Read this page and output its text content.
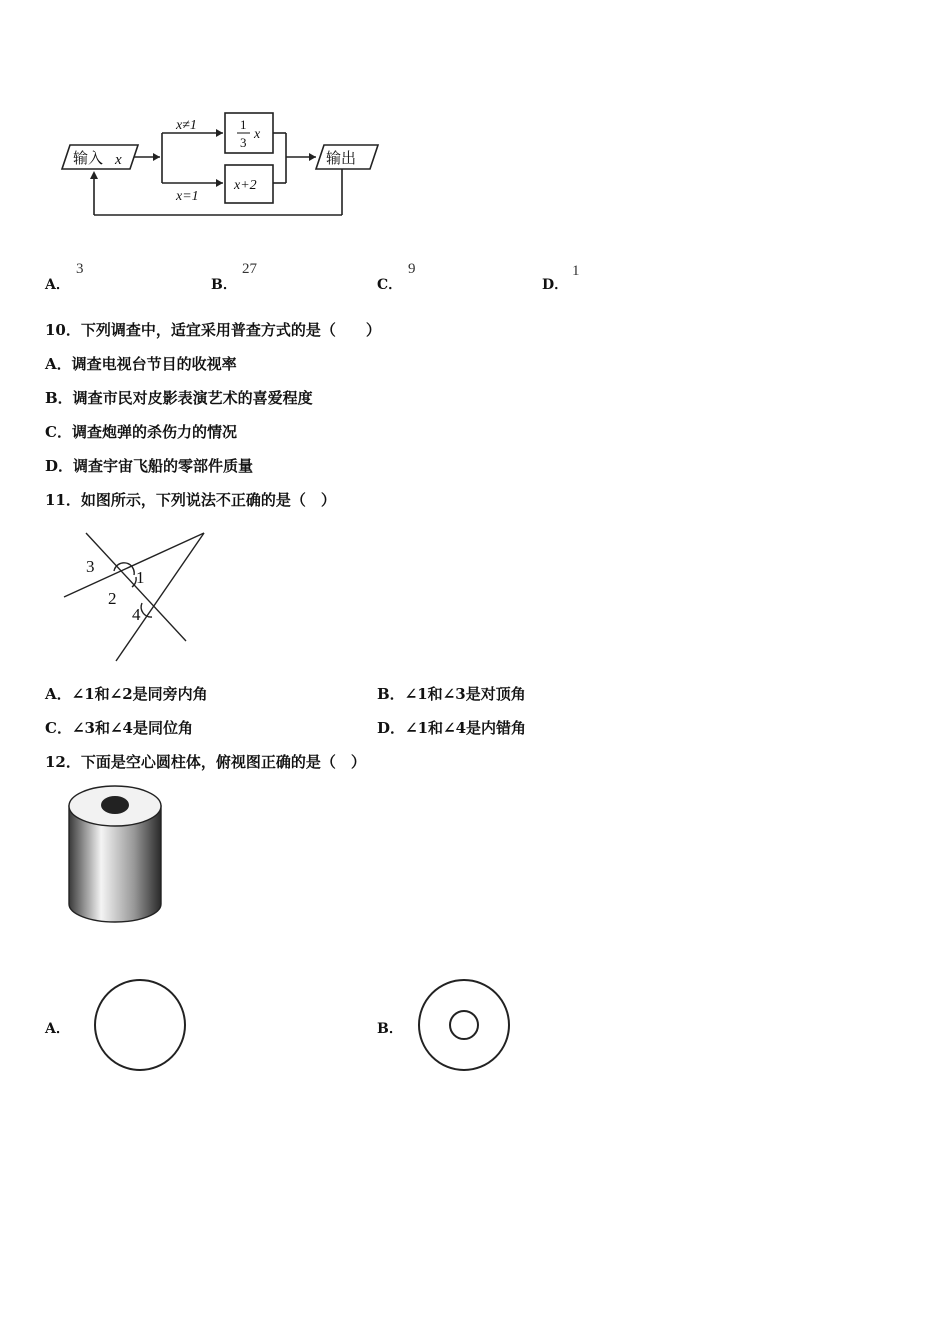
输入 x	输出
x≠1
x=1
1
3
x
x+2
A．
3
B．
27
C．
9
D．
1
10．下列调查中，适宜采用普查方式的是（　　）
A．调查电视台节目的收视率
B．调查市民对皮影表演艺术的喜爱程度
C．调查炮弹的杀伤力的情况
D．调查宇宙飞船的零部件质量
11．如图所示，下列说法不正确的是（　）
3
1
2
4
A．∠1和∠2是同旁内角	B．∠1和∠3是对顶角
C．∠3和∠4是同位角	D．∠1和∠4是内错角
12．下面是空心圆柱体，俯视图正确的是（　）
A．	B．
